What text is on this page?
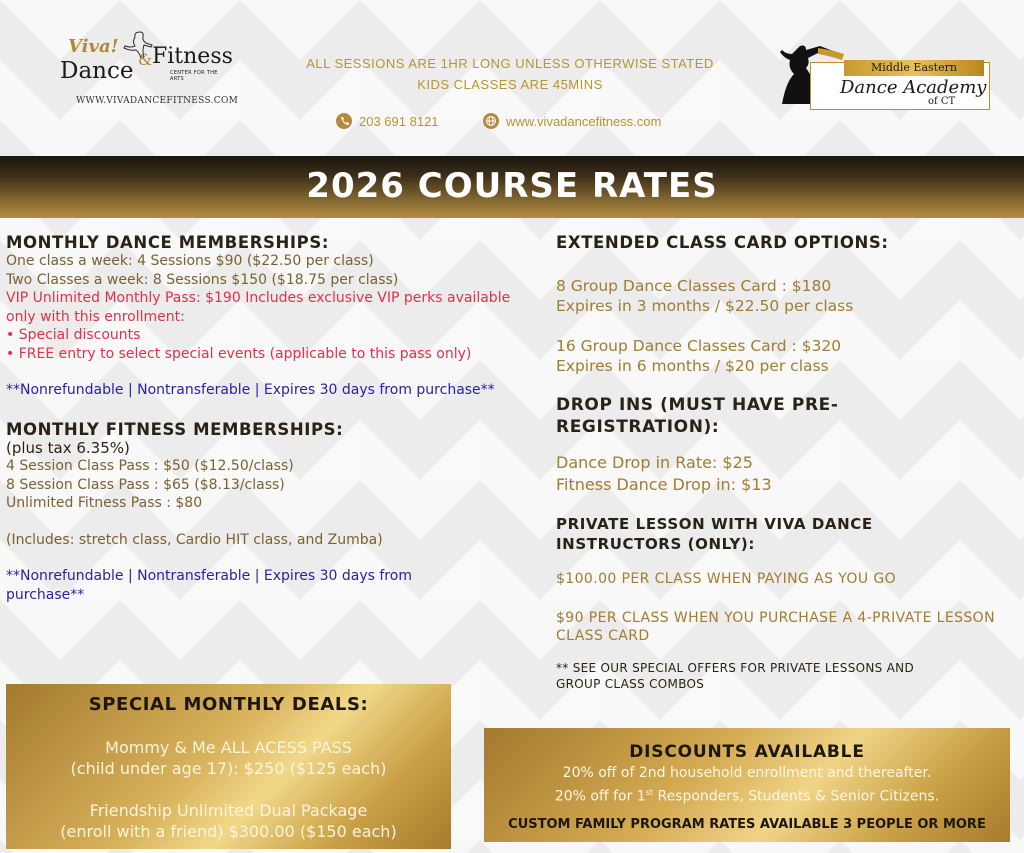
Viva!
Dance & Fitness
CENTER FOR THE ARTS
WWW.VIVADANCEFITNESS.COM
ALL SESSIONS ARE 1HR LONG UNLESS OTHERWISE STATED
KIDS CLASSES ARE 45MINS
203 691 8121	www.vivadancefitness.com
Middle Eastern
Dance Academy
of CT
2026 COURSE RATES

MONTHLY DANCE MEMBERSHIPS:

One class a week: 4 Sessions $90 ($22.50 per class)

Two Classes a week: 8 Sessions $150 ($18.75 per class)

VIP Unlimited Monthly Pass: $190 Includes exclusive VIP perks available only with this enrollment:

• Special discounts

• FREE entry to select special events (applicable to this pass only)

**Nonrefundable | Nontransferable | Expires 30 days from purchase**

MONTHLY FITNESS MEMBERSHIPS:

(plus tax 6.35%)

4 Session Class Pass : $50 ($12.50/class)

8 Session Class Pass : $65 ($8.13/class)

Unlimited Fitness Pass : $80

(Includes: stretch class, Cardio HIT class, and Zumba)

**Nonrefundable | Nontransferable | Expires 30 days from purchase**

SPECIAL MONTHLY DEALS:
Mommy & Me ALL ACESS PASS
(child under age 17): $250 ($125 each)
Friendship Unlimited Dual Package
(enroll with a friend) $300.00 ($150 each)

EXTENDED CLASS CARD OPTIONS:

8 Group Dance Classes Card : $180

Expires in 3 months / $22.50 per class

16 Group Dance Classes Card : $320

Expires in 6 months / $20 per class

DROP INS (MUST HAVE PRE-REGISTRATION):

Dance Drop in Rate: $25

Fitness Dance Drop in: $13

PRIVATE LESSON WITH VIVA DANCE INSTRUCTORS (ONLY):

$100.00 PER CLASS WHEN PAYING AS YOU GO

$90 PER CLASS WHEN YOU PURCHASE A 4-PRIVATE LESSON CLASS CARD

** SEE OUR SPECIAL OFFERS FOR PRIVATE LESSONS AND GROUP CLASS COMBOS

DISCOUNTS AVAILABLE
20% off of 2nd household enrollment and thereafter.
20% off for 1st Responders, Students & Senior Citizens.
CUSTOM FAMILY PROGRAM RATES AVAILABLE 3 PEOPLE OR MORE
